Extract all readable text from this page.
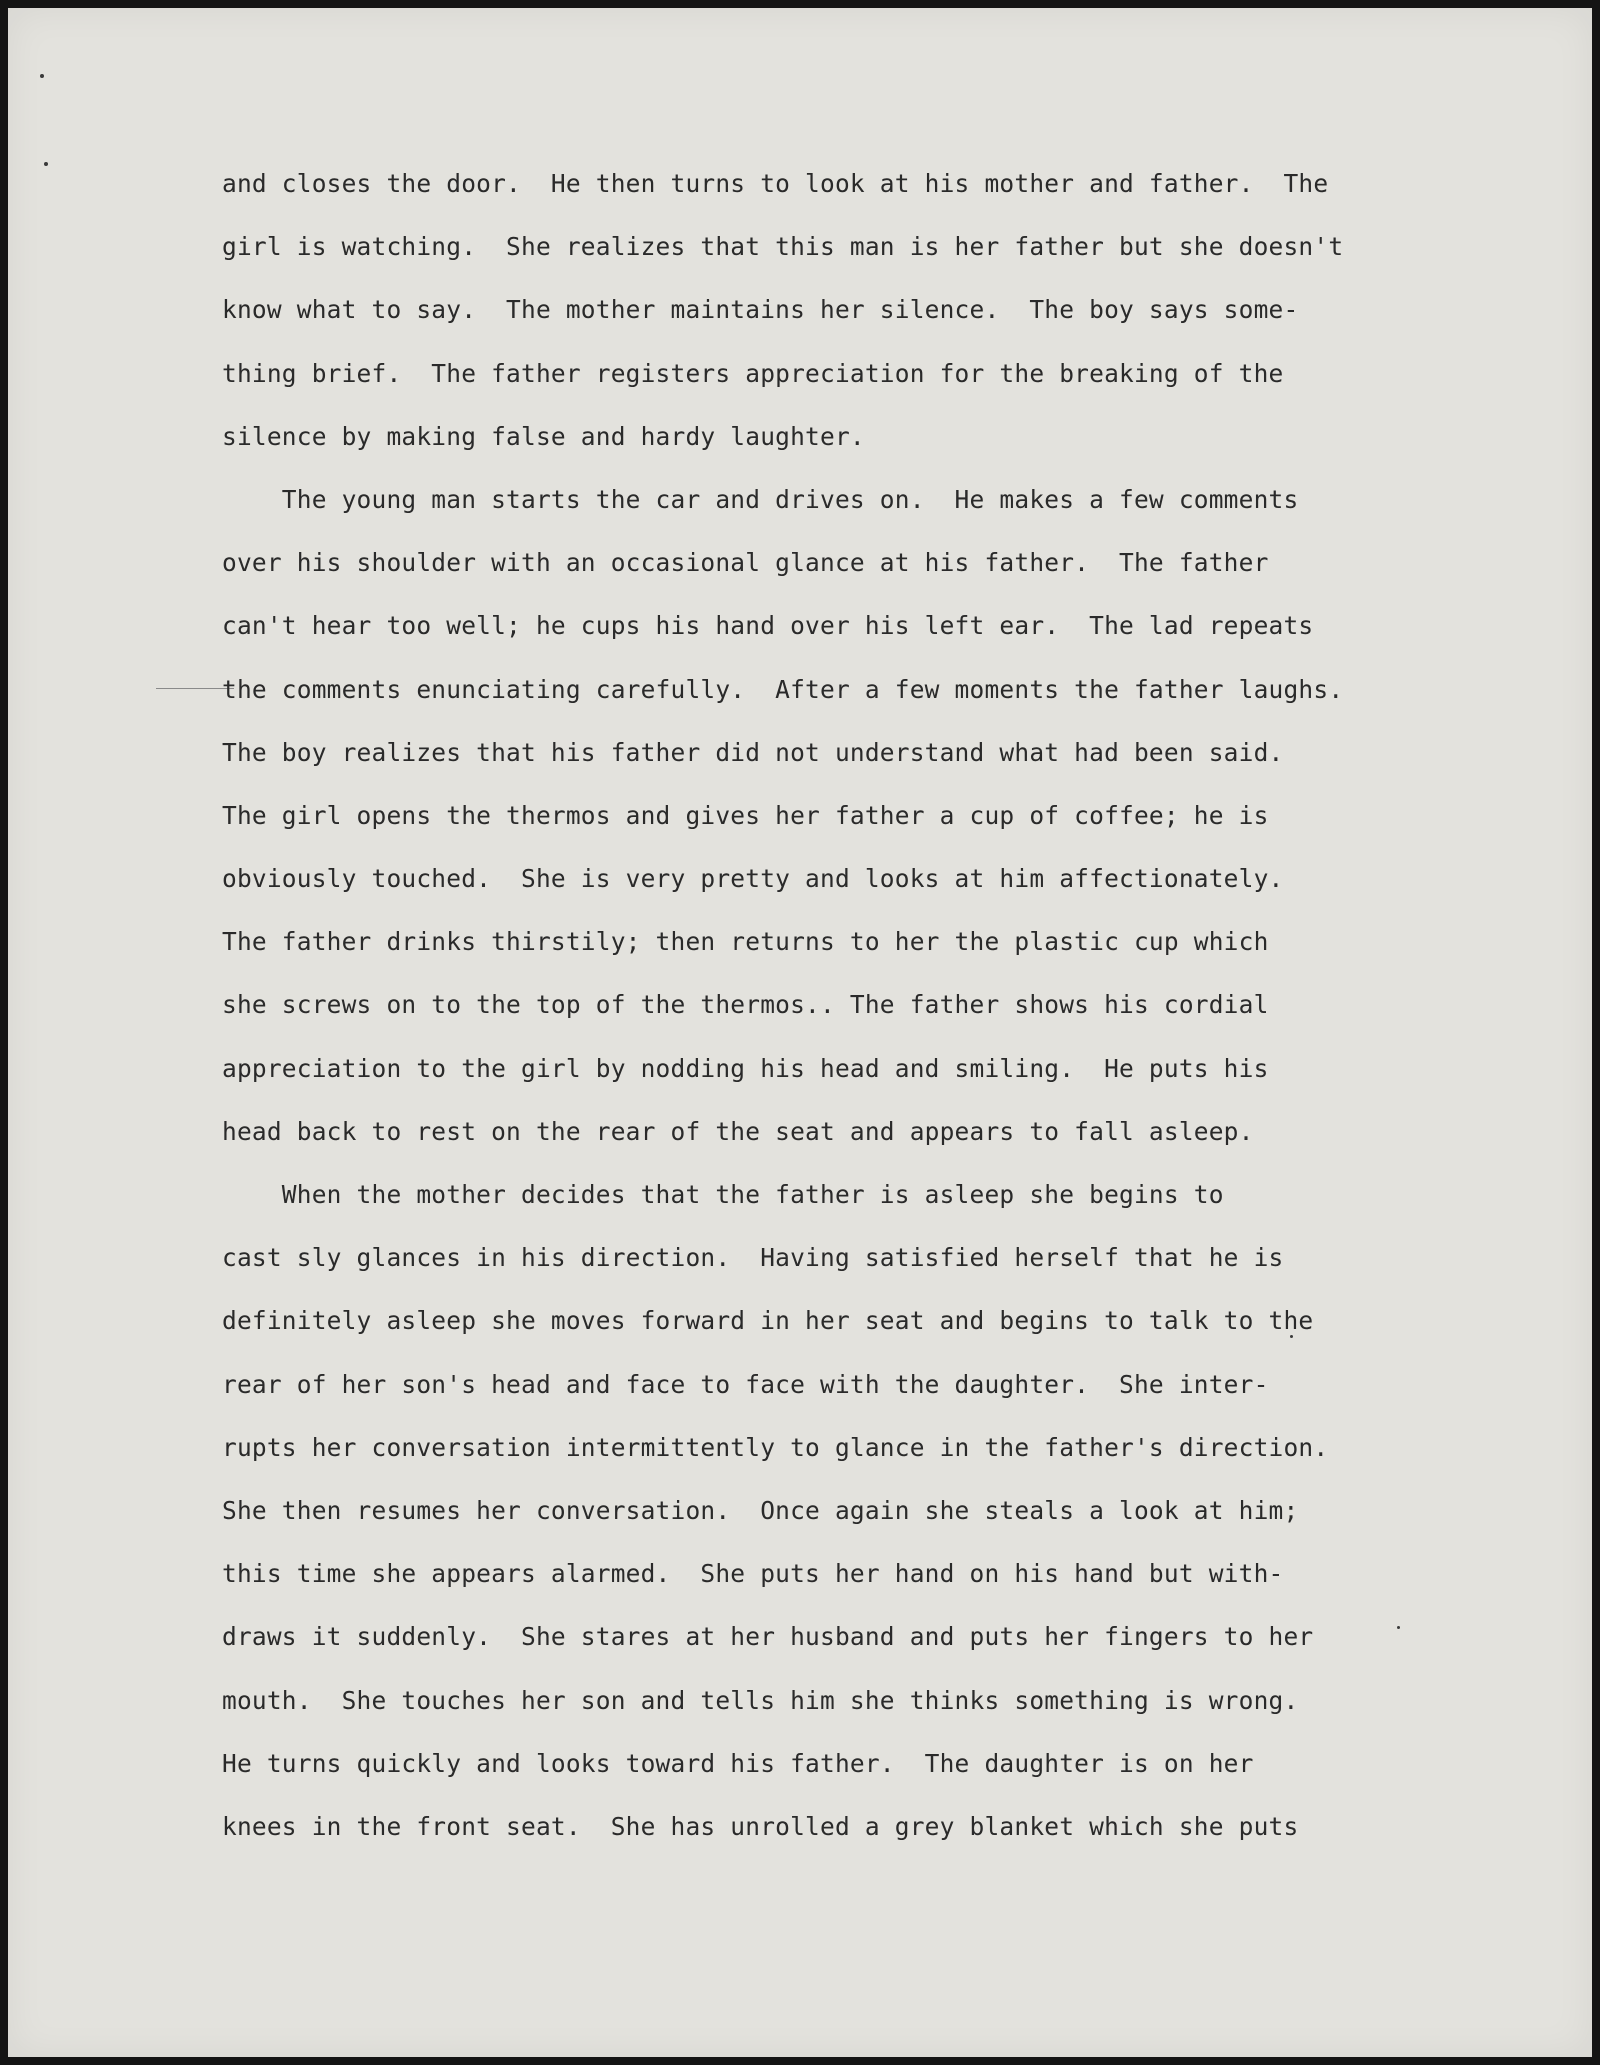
and closes the door.  He then turns to look at his mother and father.  The
girl is watching.  She realizes that this man is her father but she doesn't
know what to say.  The mother maintains her silence.  The boy says some-
thing brief.  The father registers appreciation for the breaking of the
silence by making false and hardy laughter.
The young man starts the car and drives on.  He makes a few comments
over his shoulder with an occasional glance at his father.  The father
can't hear too well; he cups his hand over his left ear.  The lad repeats
the comments enunciating carefully.  After a few moments the father laughs.
The boy realizes that his father did not understand what had been said.
The girl opens the thermos and gives her father a cup of coffee; he is
obviously touched.  She is very pretty and looks at him affectionately.
The father drinks thirstily; then returns to her the plastic cup which
she screws on to the top of the thermos.. The father shows his cordial
appreciation to the girl by nodding his head and smiling.  He puts his
head back to rest on the rear of the seat and appears to fall asleep.
When the mother decides that the father is asleep she begins to
cast sly glances in his direction.  Having satisfied herself that he is
definitely asleep she moves forward in her seat and begins to talk to the
rear of her son's head and face to face with the daughter.  She inter-
rupts her conversation intermittently to glance in the father's direction.
She then resumes her conversation.  Once again she steals a look at him;
this time she appears alarmed.  She puts her hand on his hand but with-
draws it suddenly.  She stares at her husband and puts her fingers to her
mouth.  She touches her son and tells him she thinks something is wrong.
He turns quickly and looks toward his father.  The daughter is on her
knees in the front seat.  She has unrolled a grey blanket which she puts
